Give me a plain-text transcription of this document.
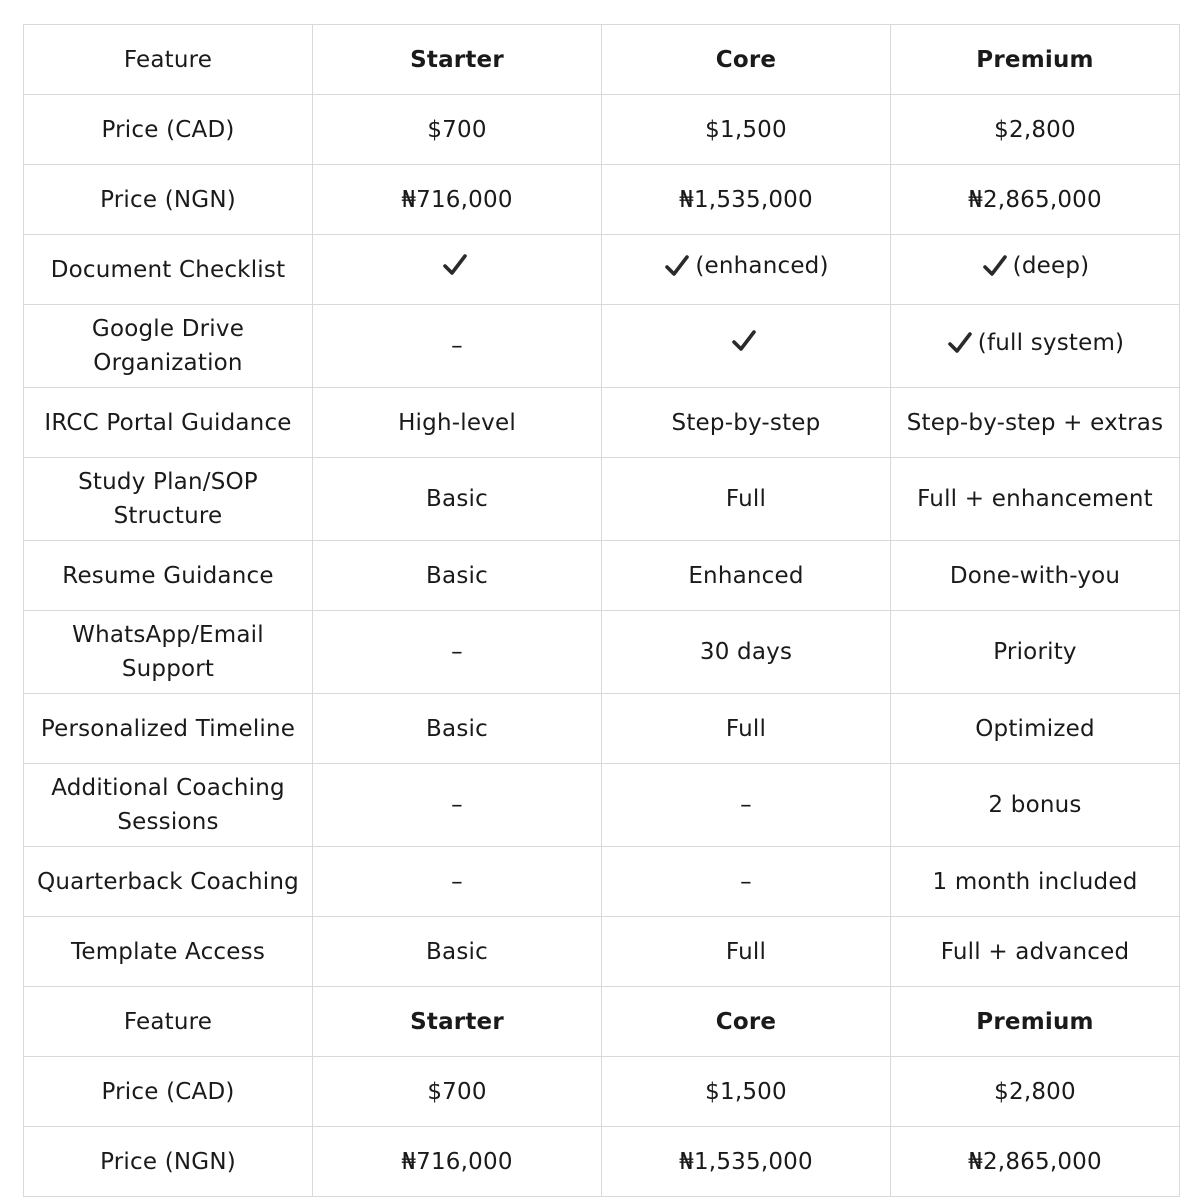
Feature	Starter	Core	Premium
Price (CAD)	$700	$1,500	$2,800
Price (NGN)	₦716,000	₦1,535,000	₦2,865,000
Document Checklist		(enhanced)	(deep)

Google Drive Organization	–		(full system)

IRCC Portal Guidance	High-level	Step-by-step	Step-by-step + extras
Study Plan/SOP Structure	Basic	Full	Full + enhancement
Resume Guidance	Basic	Enhanced	Done-with-you
WhatsApp/Email Support	–	30 days	Priority
Personalized Timeline	Basic	Full	Optimized
Additional Coaching Sessions	–	–	2 bonus
Quarterback Coaching	–	–	1 month included
Template Access	Basic	Full	Full + advanced
Feature	Starter	Core	Premium
Price (CAD)	$700	$1,500	$2,800
Price (NGN)	₦716,000	₦1,535,000	₦2,865,000
